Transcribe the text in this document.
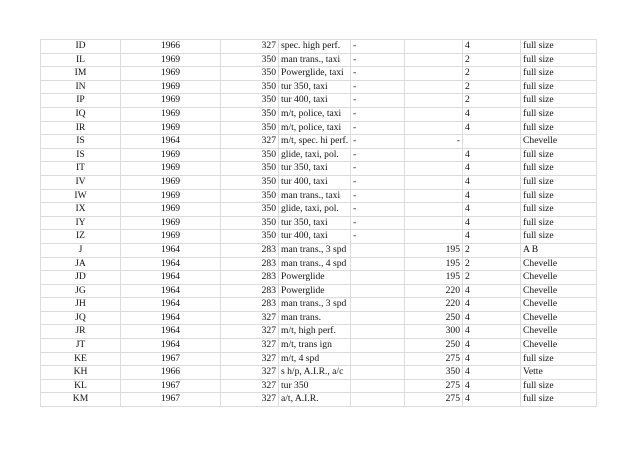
ID	1966	327	spec. high perf.	-		4	full size
IL	1969	350	man trans., taxi	-		2	full size
IM	1969	350	Powerglide, taxi	-		2	full size
IN	1969	350	tur 350, taxi	-		2	full size
IP	1969	350	tur 400, taxi	-		2	full size
IQ	1969	350	m/t, police, taxi	-		4	full size
IR	1969	350	m/t, police, taxi	-		4	full size
IS	1964	327	m/t, spec. hi perf.	-	-		Chevelle
IS	1969	350	glide, taxi, pol.	-		4	full size
IT	1969	350	tur 350, taxi	-		4	full size
IV	1969	350	tur 400, taxi	-		4	full size
IW	1969	350	man trans., taxi	-		4	full size
IX	1969	350	glide, taxi, pol.	-		4	full size
IY	1969	350	tur 350, taxi	-		4	full size
IZ	1969	350	tur 400, taxi	-		4	full size
J	1964	283	man trans., 3 spd		195	2	A B
JA	1964	283	man trans., 4 spd		195	2	Chevelle
JD	1964	283	Powerglide		195	2	Chevelle
JG	1964	283	Powerglide		220	4	Chevelle
JH	1964	283	man trans., 3 spd		220	4	Chevelle
JQ	1964	327	man trans.		250	4	Chevelle
JR	1964	327	m/t, high perf.		300	4	Chevelle
JT	1964	327	m/t, trans ign		250	4	Chevelle
KE	1967	327	m/t, 4 spd		275	4	full size
KH	1966	327	s h/p, A.I.R., a/c		350	4	Vette
KL	1967	327	tur 350		275	4	full size
KM	1967	327	a/t, A.I.R.		275	4	full size
